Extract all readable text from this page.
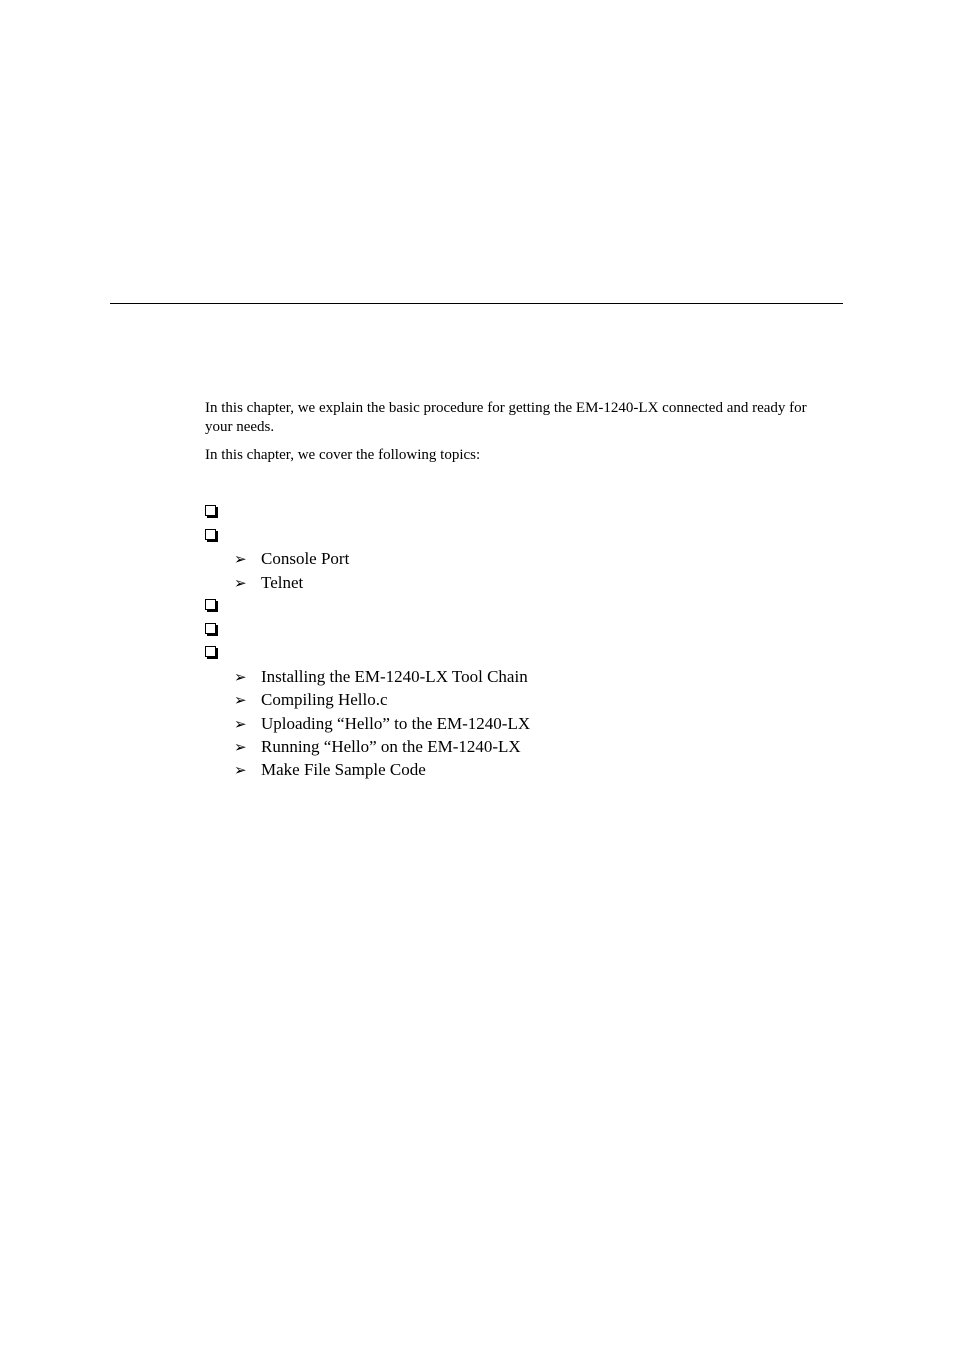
In this chapter, we explain the basic procedure for getting the EM-1240-LX connected and ready for your needs.

In this chapter, we cover the following topics:

➢ Console Port
➢ Telnet
➢ Installing the EM-1240-LX Tool Chain
➢ Compiling Hello.c
➢ Uploading “Hello” to the EM-1240-LX
➢ Running “Hello” on the EM-1240-LX
➢ Make File Sample Code
